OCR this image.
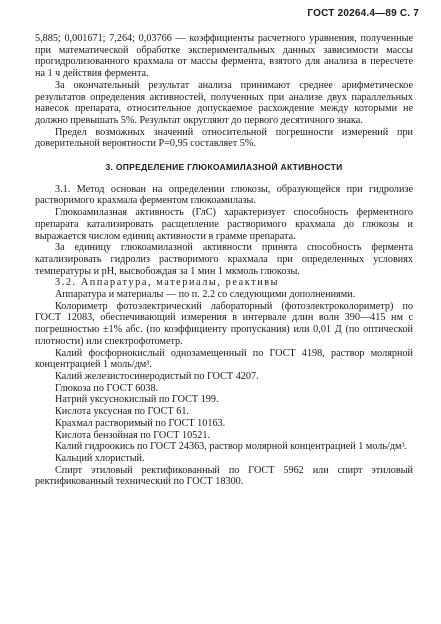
ГОСТ 20264.4—89 С. 7

5,885; 0,001671; 7,264; 0,03766 — коэффициенты расчетного уравнения, полученные при математической обработке экспериментальных данных зависимости массы прогидролизованного крахмала от массы фермента, взятого для анализа в пересчете на 1 ч действия фермента.

За окончательный результат анализа принимают среднее арифметическое результатов определения активностей, полученных при анализе двух параллельных навесок препарата, относительное допускаемое расхождение между которыми не должно превышать 5%. Результат округляют до первого десятичного знака.

Предел возможных значений относительной погрешности измерений при доверительной вероятности P=0,95 составляет 5%.

3. ОПРЕДЕЛЕНИЕ ГЛЮКОАМИЛАЗНОЙ АКТИВНОСТИ

3.1. Метод основан на определении глюкозы, образующейся при гидролизе растворимого крахмала ферментом глюкоамилазы.

Глюкоамилазная активность (ГлС) характеризует способность ферментного препарата катализировать расщепление растворимого крахмала до глюкозы и выражается числом единиц активности в грамме препарата.

За единицу глюкоамилазной активности принята способность фермента катализировать гидролиз растворимого крахмала при определенных условиях температуры и pH, высвобождая за 1 мин 1 мкмоль глюкозы.

3.2. Аппаратура, материалы, реактивы

Аппаратура и материалы — по п. 2.2 со следующими дополнениями.

Колориметр фотоэлектрический лабораторный (фотоэлектроколориметр) по ГОСТ 12083, обеспечивающий измерения в интервале длин волн 390—415 нм с погрешностью ±1% абс. (по коэффициенту пропускания) или 0,01 Д (по оптической плотности) или спектрофотометр.

Калий фосфорнокислый однозамещенный по ГОСТ 4198, раствор молярной концентрацией 1 моль/дм³.

Калий железистосинеродистый по ГОСТ 4207.

Глюкоза по ГОСТ 6038.

Натрий уксуснокислый по ГОСТ 199.

Кислота уксусная по ГОСТ 61.

Крахмал растворимый по ГОСТ 10163.

Кислота бензойная по ГОСТ 10521.

Калий гидроокись по ГОСТ 24363, раствор молярной концентрацией 1 моль/дм³.

Кальций хлористый.

Спирт этиловый ректификованный по ГОСТ 5962 или спирт этиловый ректификованный технический по ГОСТ 18300.
